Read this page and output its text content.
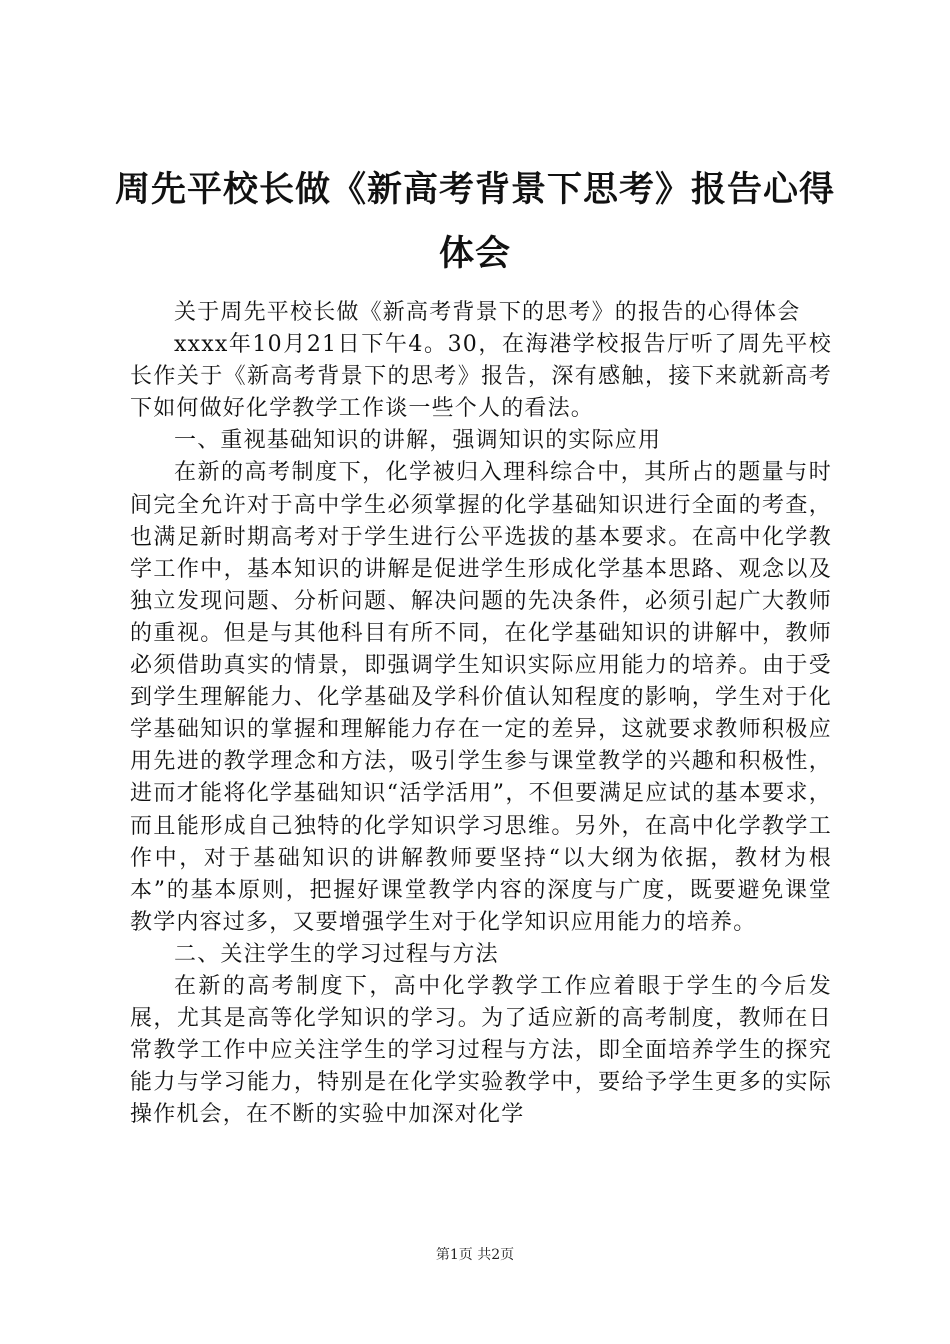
周先平校长做《新高考背景下思考》报告心得体会

关于周先平校长做《新高考背景下的思考》的报告的心得体会

xxxx年10月21日下午4。30，在海港学校报告厅听了周先平校长作关于《新高考背景下的思考》报告，深有感触，接下来就新高考下如何做好化学教学工作谈一些个人的看法。

一、重视基础知识的讲解，强调知识的实际应用

在新的高考制度下，化学被归入理科综合中，其所占的题量与时间完全允许对于高中学生必须掌握的化学基础知识进行全面的考查，也满足新时期高考对于学生进行公平选拔的基本要求。在高中化学教学工作中，基本知识的讲解是促进学生形成化学基本思路、观念以及独立发现问题、分析问题、解决问题的先决条件，必须引起广大教师的重视。但是与其他科目有所不同，在化学基础知识的讲解中，教师必须借助真实的情景，即强调学生知识实际应用能力的培养。由于受到学生理解能力、化学基础及学科价值认知程度的影响，学生对于化学基础知识的掌握和理解能力存在一定的差异，这就要求教师积极应用先进的教学理念和方法，吸引学生参与课堂教学的兴趣和积极性，进而才能将化学基础知识“活学活用”，不但要满足应试的基本要求，而且能形成自己独特的化学知识学习思维。另外，在高中化学教学工作中，对于基础知识的讲解教师要坚持“以大纲为依据，教材为根本”的基本原则，把握好课堂教学内容的深度与广度，既要避免课堂教学内容过多，又要增强学生对于化学知识应用能力的培养。

二、关注学生的学习过程与方法

在新的高考制度下，高中化学教学工作应着眼于学生的今后发展，尤其是高等化学知识的学习。为了适应新的高考制度，教师在日常教学工作中应关注学生的学习过程与方法，即全面培养学生的探究能力与学习能力，特别是在化学实验教学中，要给予学生更多的实际操作机会，在不断的实验中加深对化学

第1页 共2页
